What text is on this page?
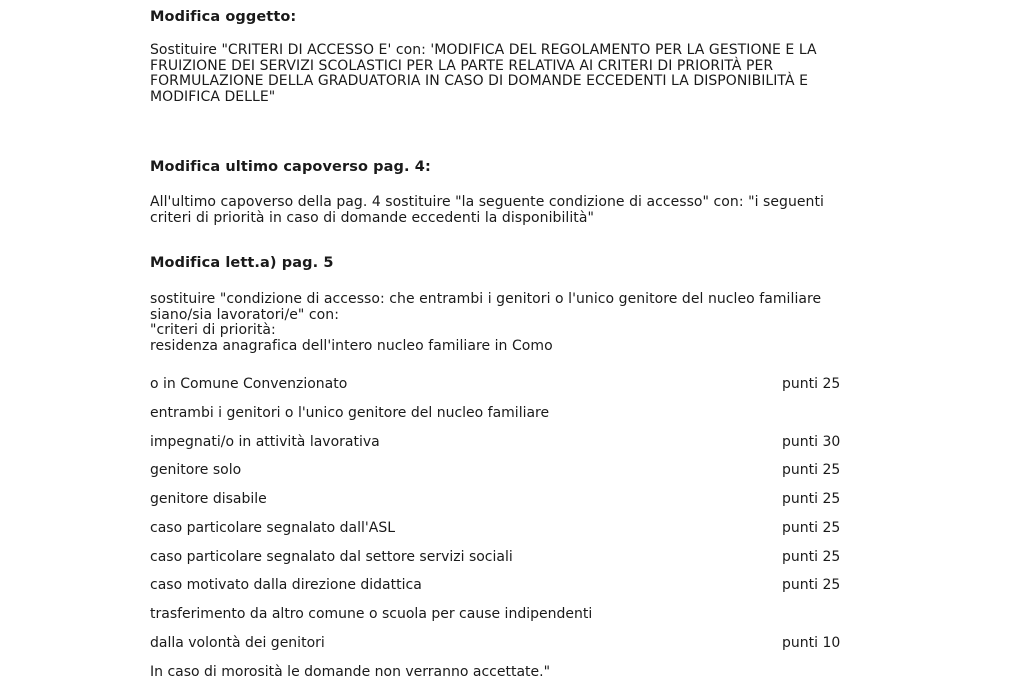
Modifica oggetto:
Sostituire "CRITERI DI ACCESSO E' con: 'MODIFICA DEL REGOLAMENTO PER LA GESTIONE E LA
FRUIZIONE DEI SERVIZI SCOLASTICI PER LA PARTE RELATIVA AI CRITERI DI PRIORITÀ PER
FORMULAZIONE DELLA GRADUATORIA IN CASO DI DOMANDE ECCEDENTI LA DISPONIBILITÀ E
MODIFICA DELLE"
Modifica ultimo capoverso pag. 4:
All'ultimo capoverso della pag. 4 sostituire "la seguente condizione di accesso" con: "i seguenti
criteri di priorità in caso di domande eccedenti la disponibilità"
Modifica lett.a) pag. 5
sostituire "condizione di accesso: che entrambi i genitori o l'unico genitore del nucleo familiare
siano/sia lavoratori/e" con:
"criteri di priorità:
residenza anagrafica dell'intero nucleo familiare in Como
o in Comune Convenzionato	punti 25
entrambi i genitori o l'unico genitore del nucleo familiare
impegnati/o in attività lavorativa	punti 30
genitore solo	punti 25
genitore disabile	punti 25
caso particolare segnalato dall'ASL	punti 25
caso particolare segnalato dal settore servizi sociali	punti 25
caso motivato dalla direzione didattica	punti 25
trasferimento da altro comune o scuola per cause indipendenti
dalla volontà dei genitori	punti 10
In caso di morosità le domande non verranno accettate."
